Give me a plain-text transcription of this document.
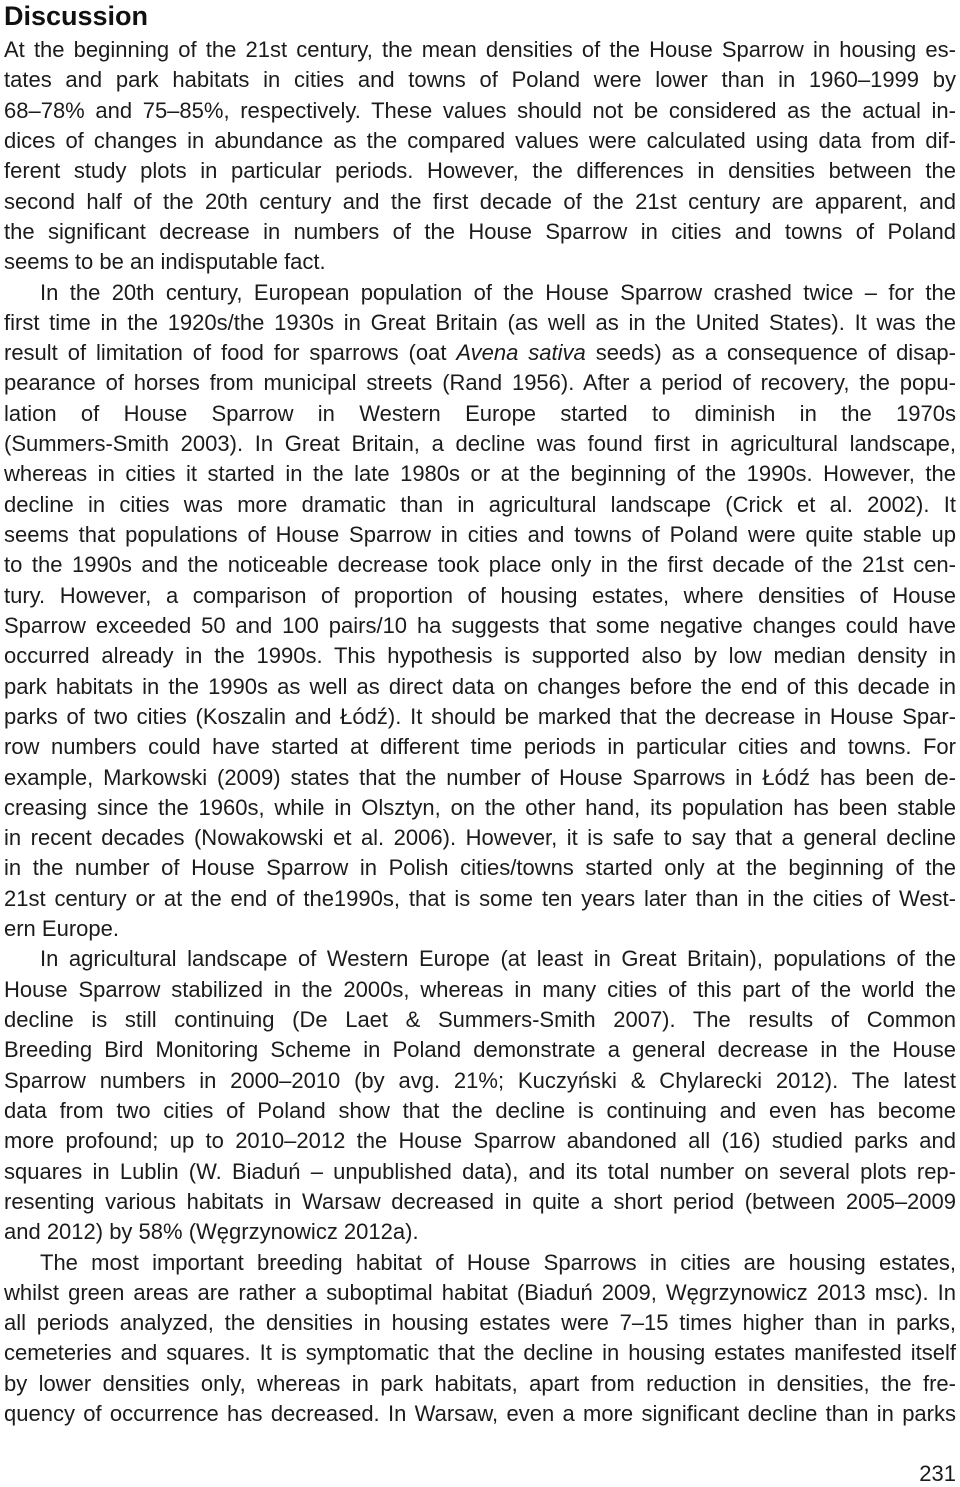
Discussion
At the beginning of the 21st century, the mean densities of the House Sparrow in housing es-
tates and park habitats in cities and towns of Poland were lower than in 1960–1999 by
68–78% and 75–85%, respectively. These values should not be considered as the actual in-
dices of changes in abundance as the compared values were calculated using data from dif-
ferent study plots in particular periods. However, the differences in densities between the
second half of the 20th century and the first decade of the 21st century are apparent, and
the significant decrease in numbers of the House Sparrow in cities and towns of Poland
seems to be an indisputable fact.
In the 20th century, European population of the House Sparrow crashed twice – for the
first time in the 1920s/the 1930s in Great Britain (as well as in the United States). It was the
result of limitation of food for sparrows (oat Avena sativa seeds) as a consequence of disap-
pearance of horses from municipal streets (Rand 1956). After a period of recovery, the popu-
lation of House Sparrow in Western Europe started to diminish in the 1970s
(Summers-Smith 2003). In Great Britain, a decline was found first in agricultural landscape,
whereas in cities it started in the late 1980s or at the beginning of the 1990s. However, the
decline in cities was more dramatic than in agricultural landscape (Crick et al. 2002). It
seems that populations of House Sparrow in cities and towns of Poland were quite stable up
to the 1990s and the noticeable decrease took place only in the first decade of the 21st cen-
tury. However, a comparison of proportion of housing estates, where densities of House
Sparrow exceeded 50 and 100 pairs/10 ha suggests that some negative changes could have
occurred already in the 1990s. This hypothesis is supported also by low median density in
park habitats in the 1990s as well as direct data on changes before the end of this decade in
parks of two cities (Koszalin and Łódź). It should be marked that the decrease in House Spar-
row numbers could have started at different time periods in particular cities and towns. For
example, Markowski (2009) states that the number of House Sparrows in Łódź has been de-
creasing since the 1960s, while in Olsztyn, on the other hand, its population has been stable
in recent decades (Nowakowski et al. 2006). However, it is safe to say that a general decline
in the number of House Sparrow in Polish cities/towns started only at the beginning of the
21st century or at the end of the1990s, that is some ten years later than in the cities of West-
ern Europe.
In agricultural landscape of Western Europe (at least in Great Britain), populations of the
House Sparrow stabilized in the 2000s, whereas in many cities of this part of the world the
decline is still continuing (De Laet & Summers-Smith 2007). The results of Common
Breeding Bird Monitoring Scheme in Poland demonstrate a general decrease in the House
Sparrow numbers in 2000–2010 (by avg. 21%; Kuczyński & Chylarecki 2012). The latest
data from two cities of Poland show that the decline is continuing and even has become
more profound; up to 2010–2012 the House Sparrow abandoned all (16) studied parks and
squares in Lublin (W. Biaduń – unpublished data), and its total number on several plots rep-
resenting various habitats in Warsaw decreased in quite a short period (between 2005–2009
and 2012) by 58% (Węgrzynowicz 2012a).
The most important breeding habitat of House Sparrows in cities are housing estates,
whilst green areas are rather a suboptimal habitat (Biaduń 2009, Węgrzynowicz 2013 msc). In
all periods analyzed, the densities in housing estates were 7–15 times higher than in parks,
cemeteries and squares. It is symptomatic that the decline in housing estates manifested itself
by lower densities only, whereas in park habitats, apart from reduction in densities, the fre-
quency of occurrence has decreased. In Warsaw, even a more significant decline than in parks
231
